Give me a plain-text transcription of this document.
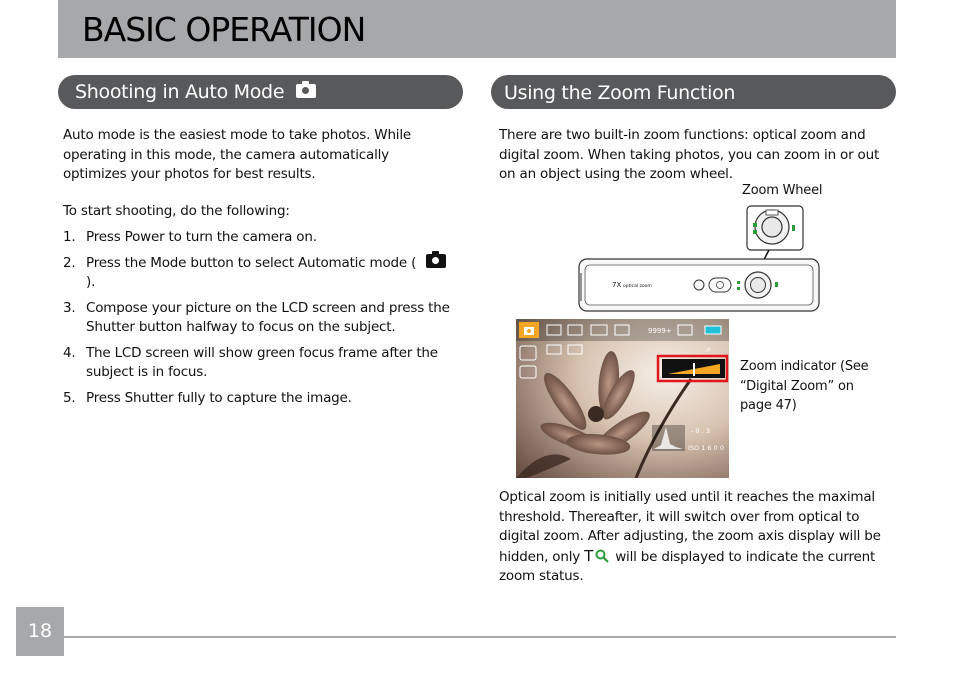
BASIC OPERATION
Shooting in Auto Mode	Using the Zoom Function

Auto mode is the easiest mode to take photos. While operating in this mode, the camera automatically optimizes your photos for best results.

To start shooting, do the following:
1. Press Power to turn the camera on.
2. Press the Mode button to select Automatic mode (  ).
3. Compose your picture on the LCD screen and press the Shutter button halfway to focus on the subject.
4. The LCD screen will show green focus frame after the subject is in focus.
5. Press Shutter fully to capture the image.
There are two built-in zoom functions: optical zoom and digital zoom. When taking photos, you can zoom in or out on an object using the zoom wheel.
Zoom Wheel
7X optical zoom
9999+
⌕
- 0 . 3
ISO 1 6 0 0
Zoom indicator (See “Digital Zoom” on page 47)
Optical zoom is initially used until it reaches the maximal threshold. Thereafter, it will switch over from optical to digital zoom. After adjusting, the zoom axis display will be hidden, only T will be displayed to indicate the current zoom status.
18
